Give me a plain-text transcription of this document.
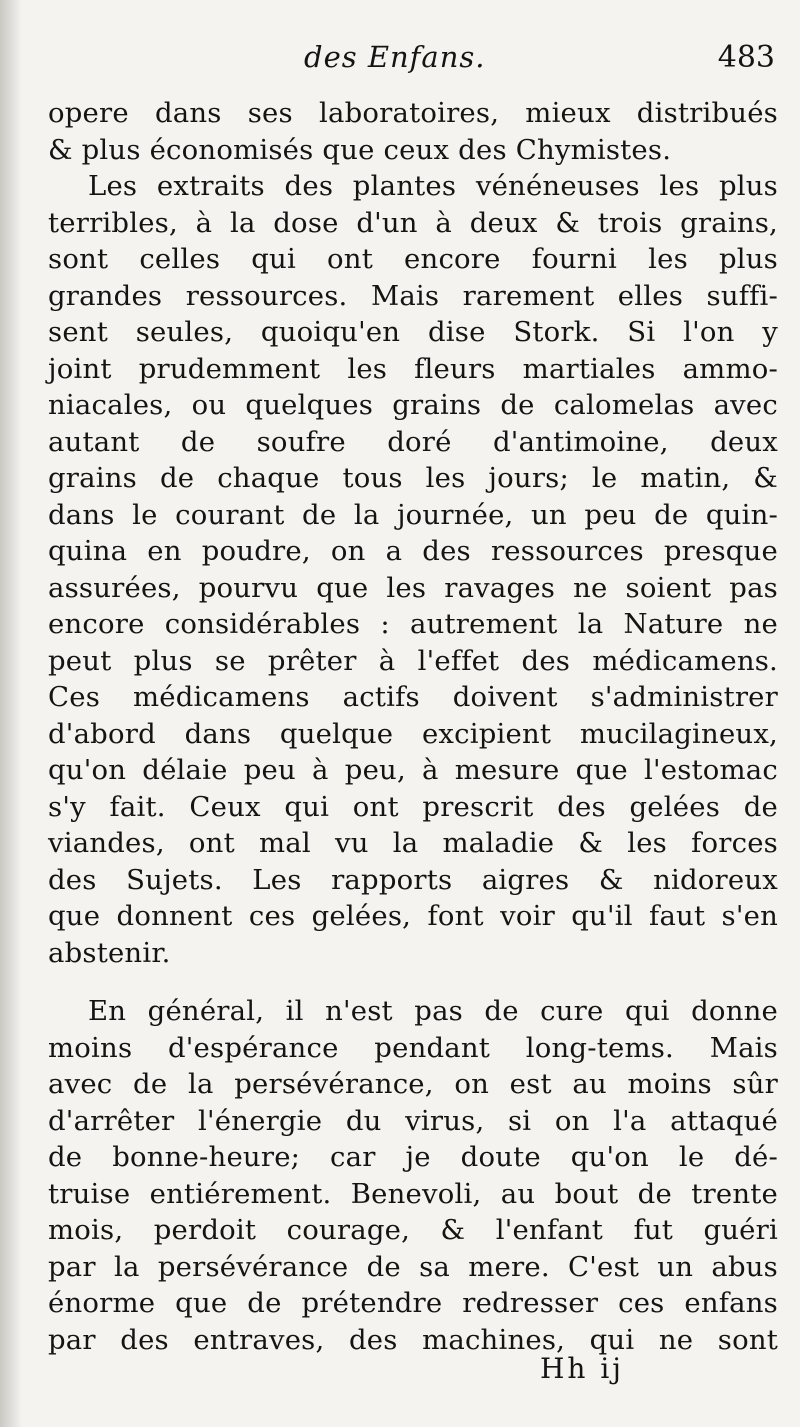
des Enfans.	483
opere dans ses laboratoires, mieux distribués
& plus économisés que ceux des Chymistes.
Les extraits des plantes vénéneuses les plus
terribles, à la dose d'un à deux & trois grains,
sont celles qui ont encore fourni les plus
grandes ressources. Mais rarement elles suffi-
sent seules, quoiqu'en dise Stork. Si l'on y
joint prudemment les fleurs martiales ammo-
niacales, ou quelques grains de calomelas avec
autant de soufre doré d'antimoine, deux
grains de chaque tous les jours; le matin, &
dans le courant de la journée, un peu de quin-
quina en poudre, on a des ressources presque
assurées, pourvu que les ravages ne soient pas
encore considérables : autrement la Nature ne
peut plus se prêter à l'effet des médicamens.
Ces médicamens actifs doivent s'administrer
d'abord dans quelque excipient mucilagineux,
qu'on délaie peu à peu, à mesure que l'estomac
s'y fait. Ceux qui ont prescrit des gelées de
viandes, ont mal vu la maladie & les forces
des Sujets. Les rapports aigres & nidoreux
que donnent ces gelées, font voir qu'il faut s'en
abstenir.
En général, il n'est pas de cure qui donne
moins d'espérance pendant long-tems. Mais
avec de la persévérance, on est au moins sûr
d'arrêter l'énergie du virus, si on l'a attaqué
de bonne-heure; car je doute qu'on le dé-
truise entiérement. Benevoli, au bout de trente
mois, perdoit courage, & l'enfant fut guéri
par la persévérance de sa mere. C'est un abus
énorme que de prétendre redresser ces enfans
par des entraves, des machines, qui ne sont
Hh ij
